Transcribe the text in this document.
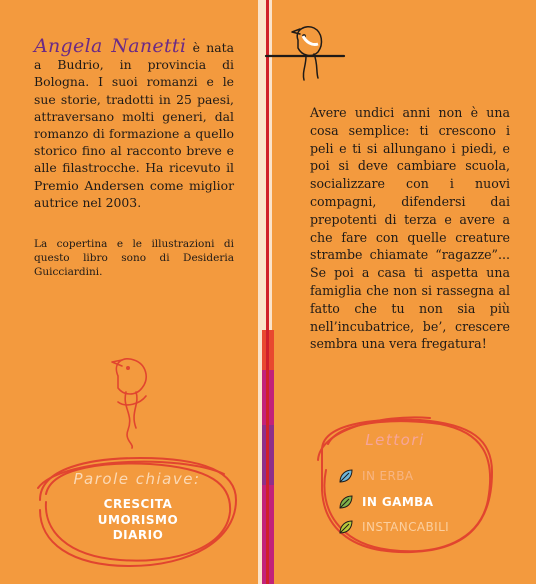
Angela Nanetti è nata a Budrio, in provincia di Bologna. I suoi romanzi e le sue storie, tradotti in 25 paesi, attraversano molti generi, dal romanzo di formazione a quello storico fino al racconto breve e alle filastrocche. Ha ricevuto il Premio Andersen come miglior autrice nel 2003.
La copertina e le illustrazioni di questo libro sono di Desideria Guicciardini.
Parole chiave:
CRESCITA
UMORISMO
DIARIO
Avere undici anni non è una cosa semplice: ti crescono i peli e ti si allungano i piedi, e poi si deve cambiare scuola, socializzare con i nuovi compagni, difendersi dai prepotenti di terza e avere a che fare con quelle creature strambe chiamate “ragazze”... Se poi a casa ti aspetta una famiglia che non si rassegna al fatto che tu non sia più nell’incubatrice, be’, crescere sembra una vera fregatura!
Lettori
IN ERBA
IN GAMBA
INSTANCABILI
